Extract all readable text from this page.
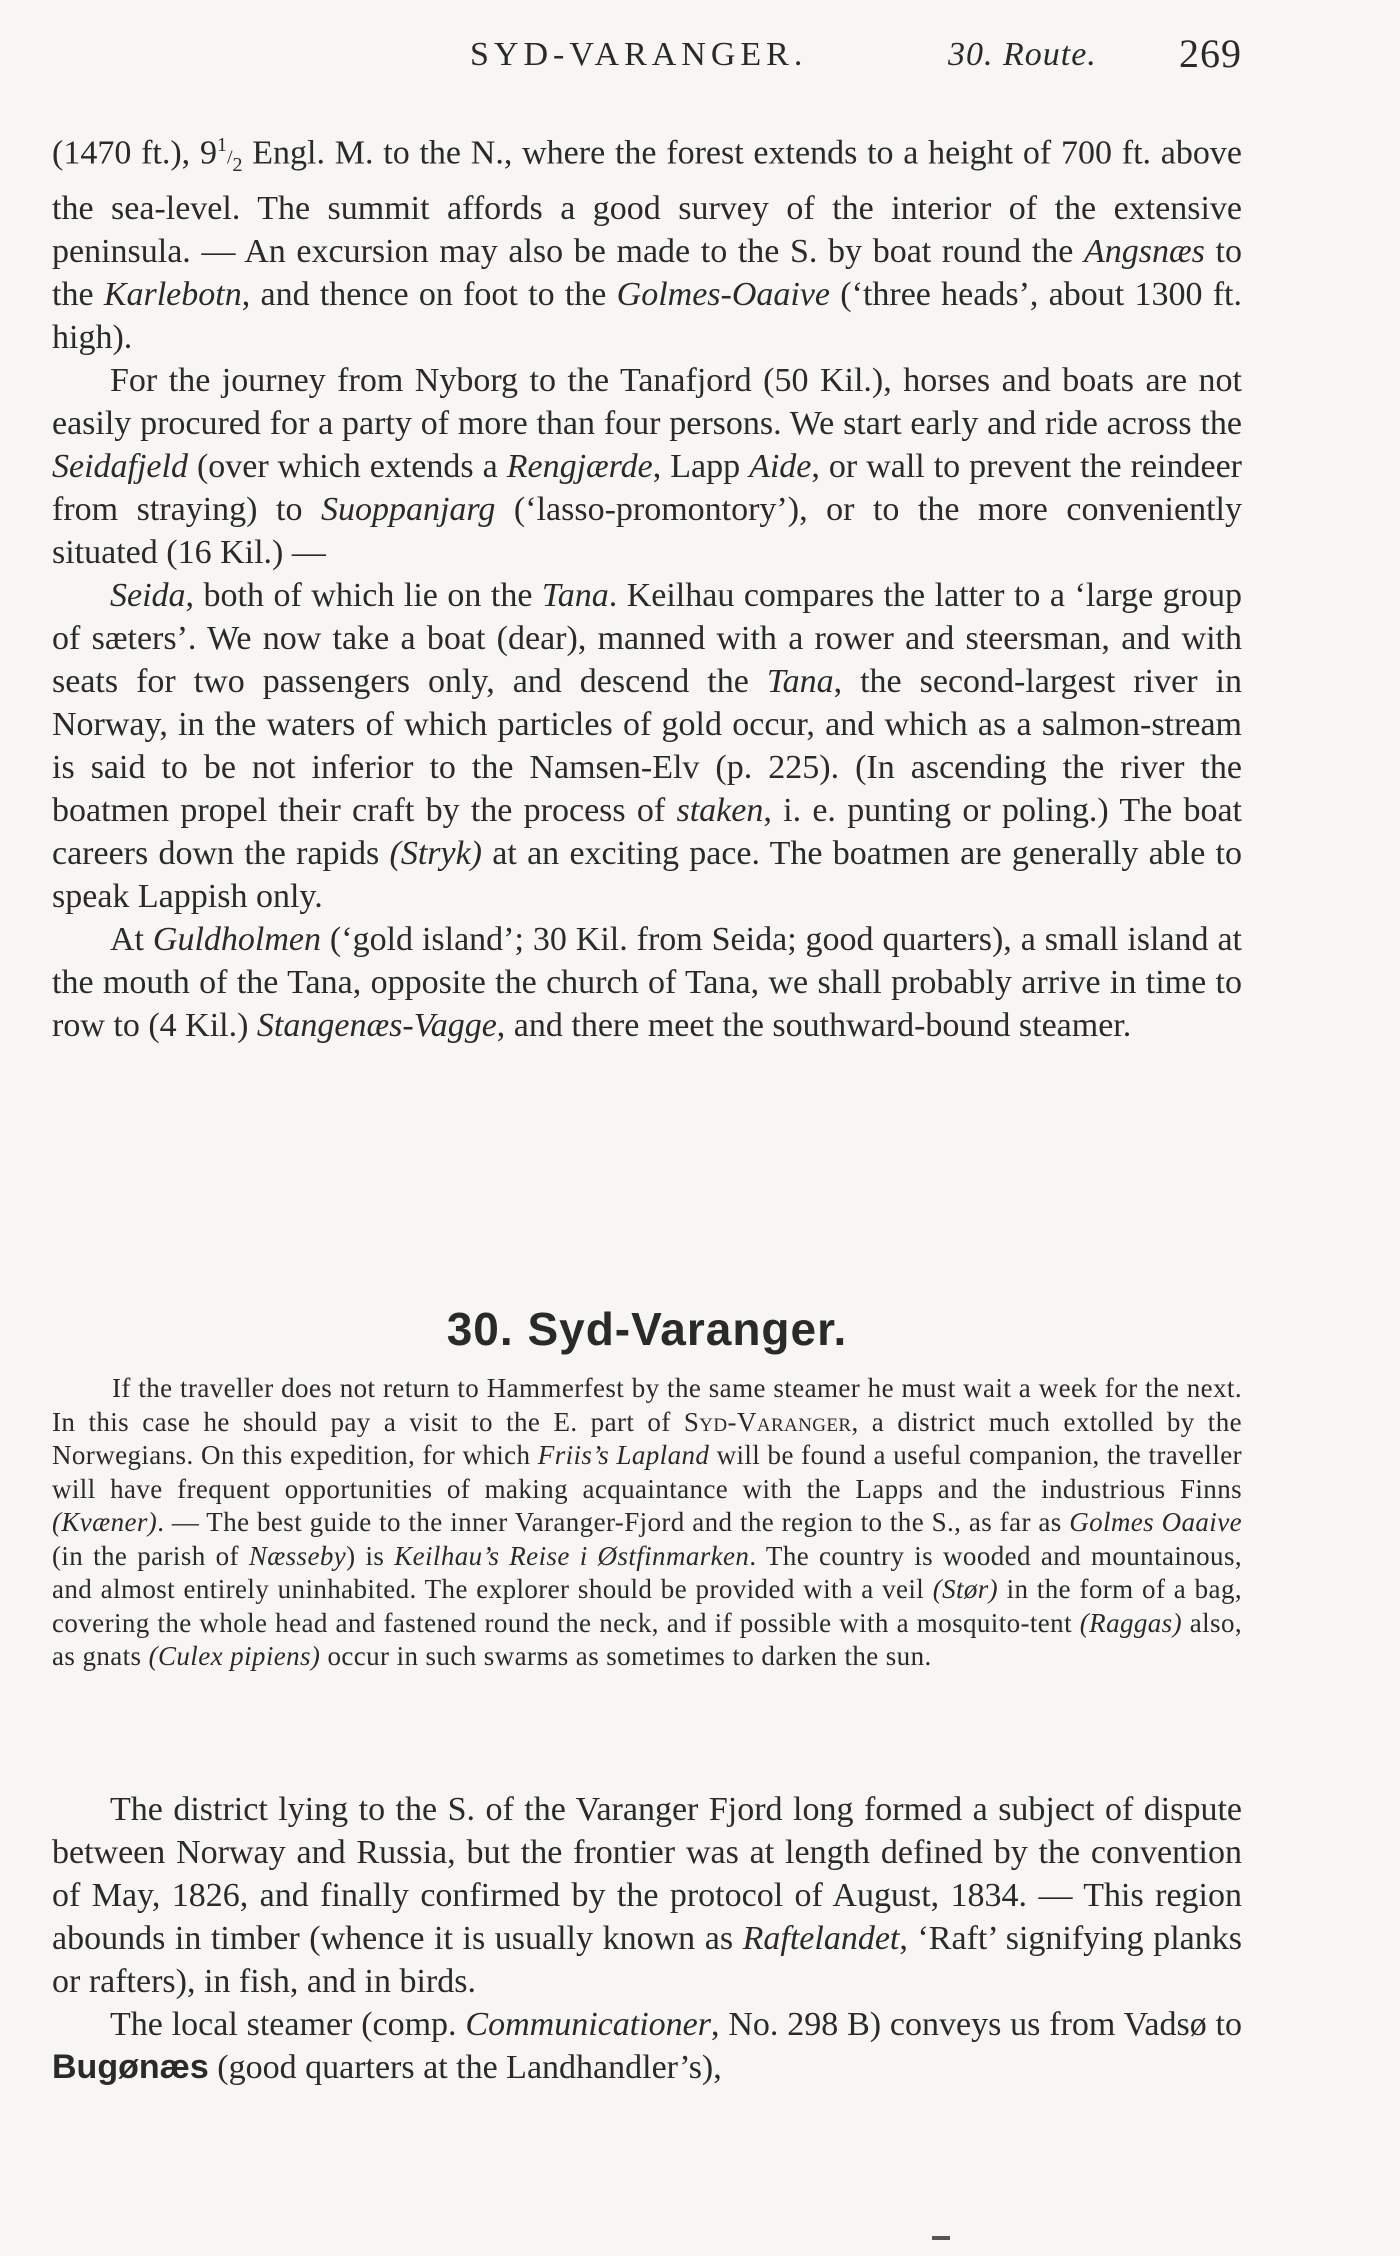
SYD-VARANGER.	30. Route. 269

(1470 ft.), $9^1/_2$ Engl. M. to the N., where the forest extends to a height of 700 ft. above the sea-level. The summit affords a good survey of the interior of the extensive peninsula. — An excursion may also be made to the S. by boat round the Angsnæs to the Karlebotn, and thence on foot to the Golmes-Oaaive (‘three heads’, about 1300 ft. high).

For the journey from Nyborg to the Tanafjord (50 Kil.), horses and boats are not easily procured for a party of more than four persons. We start early and ride across the Seidafjeld (over which extends a Rengjærde, Lapp Aide, or wall to prevent the reindeer from straying) to Suoppanjarg (‘lasso-promontory’), or to the more conveniently situated (16 Kil.) —

Seida, both of which lie on the Tana. Keilhau compares the latter to a ‘large group of sæters’. We now take a boat (dear), manned with a rower and steersman, and with seats for two passengers only, and descend the Tana, the second-largest river in Norway, in the waters of which particles of gold occur, and which as a salmon-stream is said to be not inferior to the Namsen-Elv (p. 225). (In ascending the river the boatmen propel their craft by the process of staken, i. e. punting or poling.) The boat careers down the rapids (Stryk) at an exciting pace. The boatmen are generally able to speak Lappish only.

At Guldholmen (‘gold island’; 30 Kil. from Seida; good quarters), a small island at the mouth of the Tana, opposite the church of Tana, we shall probably arrive in time to row to (4 Kil.) Stangenæs-Vagge, and there meet the southward-bound steamer.

30. Syd-Varanger.

If the traveller does not return to Hammerfest by the same steamer he must wait a week for the next. In this case he should pay a visit to the E. part of Syd-Varanger, a district much extolled by the Norwegians. On this expedition, for which Friis’s Lapland will be found a useful companion, the traveller will have frequent opportunities of making acquaintance with the Lapps and the industrious Finns (Kvæner). — The best guide to the inner Varanger-Fjord and the region to the S., as far as Golmes Oaaive (in the parish of Næsseby) is Keilhau’s Reise i Østfinmarken. The country is wooded and mountainous, and almost entirely uninhabited. The explorer should be provided with a veil (Stør) in the form of a bag, covering the whole head and fastened round the neck, and if possible with a mosquito-tent (Raggas) also, as gnats (Culex pipiens) occur in such swarms as sometimes to darken the sun.

The district lying to the S. of the Varanger Fjord long formed a subject of dispute between Norway and Russia, but the frontier was at length defined by the convention of May, 1826, and finally confirmed by the protocol of August, 1834. — This region abounds in timber (whence it is usually known as Raftelandet, ‘Raft’ signifying planks or rafters), in fish, and in birds.

The local steamer (comp. Communicationer, No. 298 B) conveys us from Vadsø to Bugønæs (good quarters at the Landhandler’s),
